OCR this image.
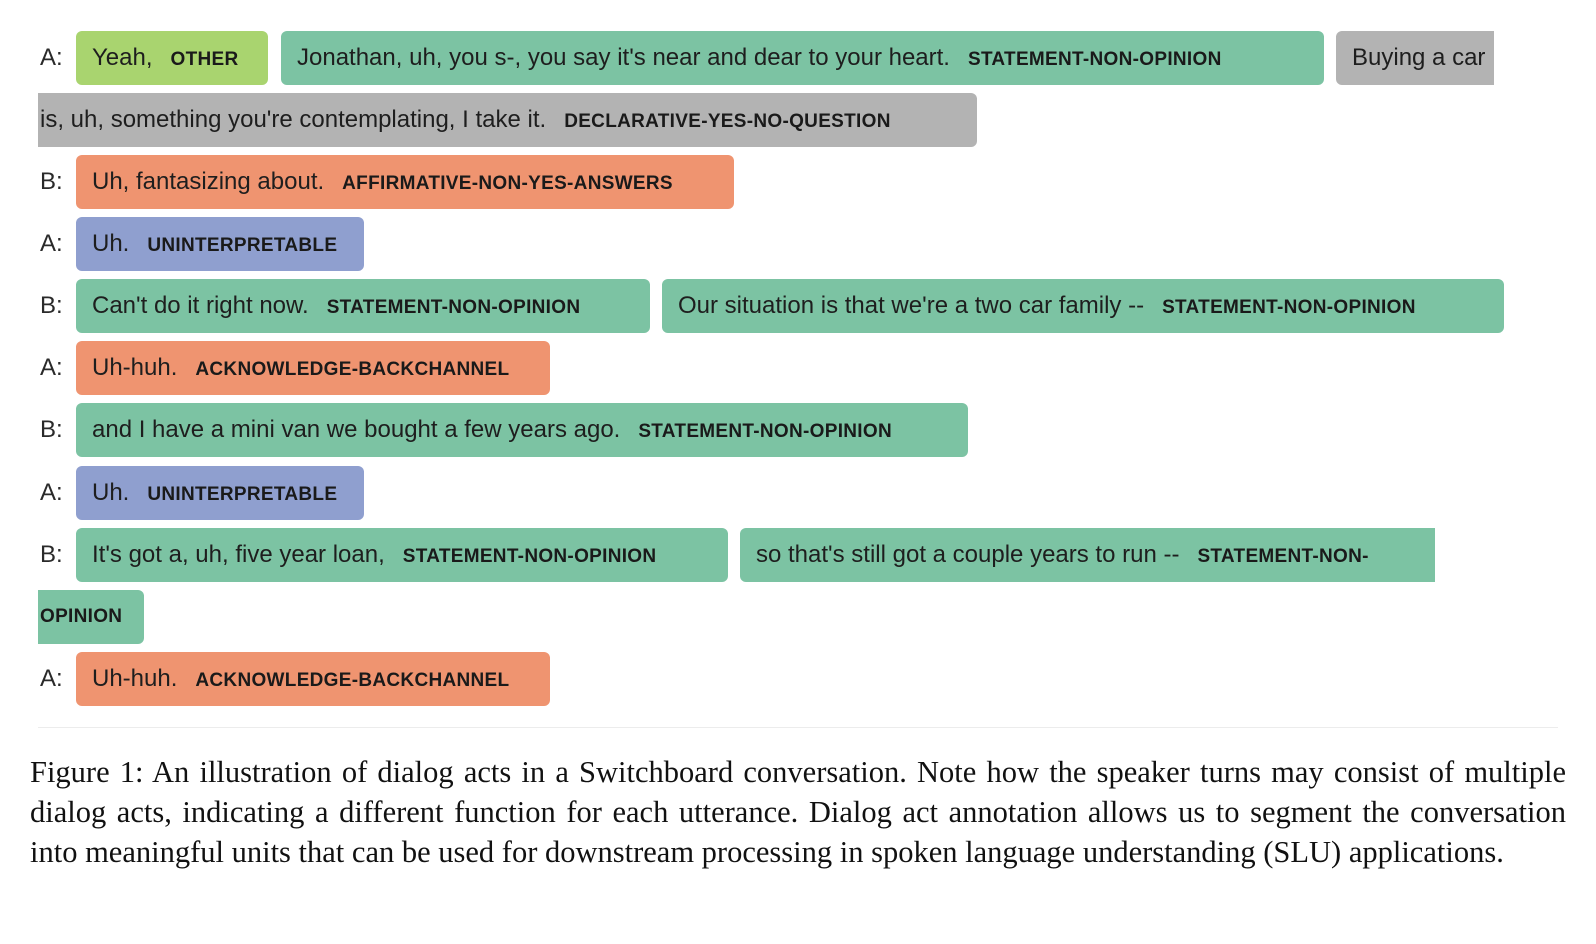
A:	Yeah, OTHER	Jonathan, uh, you s-, you say it's near and dear to your heart. STATEMENT-NON-OPINION	Buying a car
is, uh, something you're contemplating, I take it. DECLARATIVE-YES-NO-QUESTION
B:	Uh, fantasizing about. AFFIRMATIVE-NON-YES-ANSWERS
A:	Uh. UNINTERPRETABLE
B:	Can't do it right now. STATEMENT-NON-OPINION	Our situation is that we're a two car family -- STATEMENT-NON-OPINION
A:	Uh-huh. ACKNOWLEDGE-BACKCHANNEL
B:	and I have a mini van we bought a few years ago. STATEMENT-NON-OPINION
A:	Uh. UNINTERPRETABLE
B:	It's got a, uh, five year loan, STATEMENT-NON-OPINION	so that's still got a couple years to run -- STATEMENT-NON-
OPINION
A:	Uh-huh. ACKNOWLEDGE-BACKCHANNEL
Figure 1: An illustration of dialog acts in a Switchboard conversation. Note how the speaker turns may consist of multiple dialog acts, indicating a different function for each utterance. Dialog act annotation allows us to segment the conversation into meaningful units that can be used for downstream processing in spoken language understanding (SLU) applications.
